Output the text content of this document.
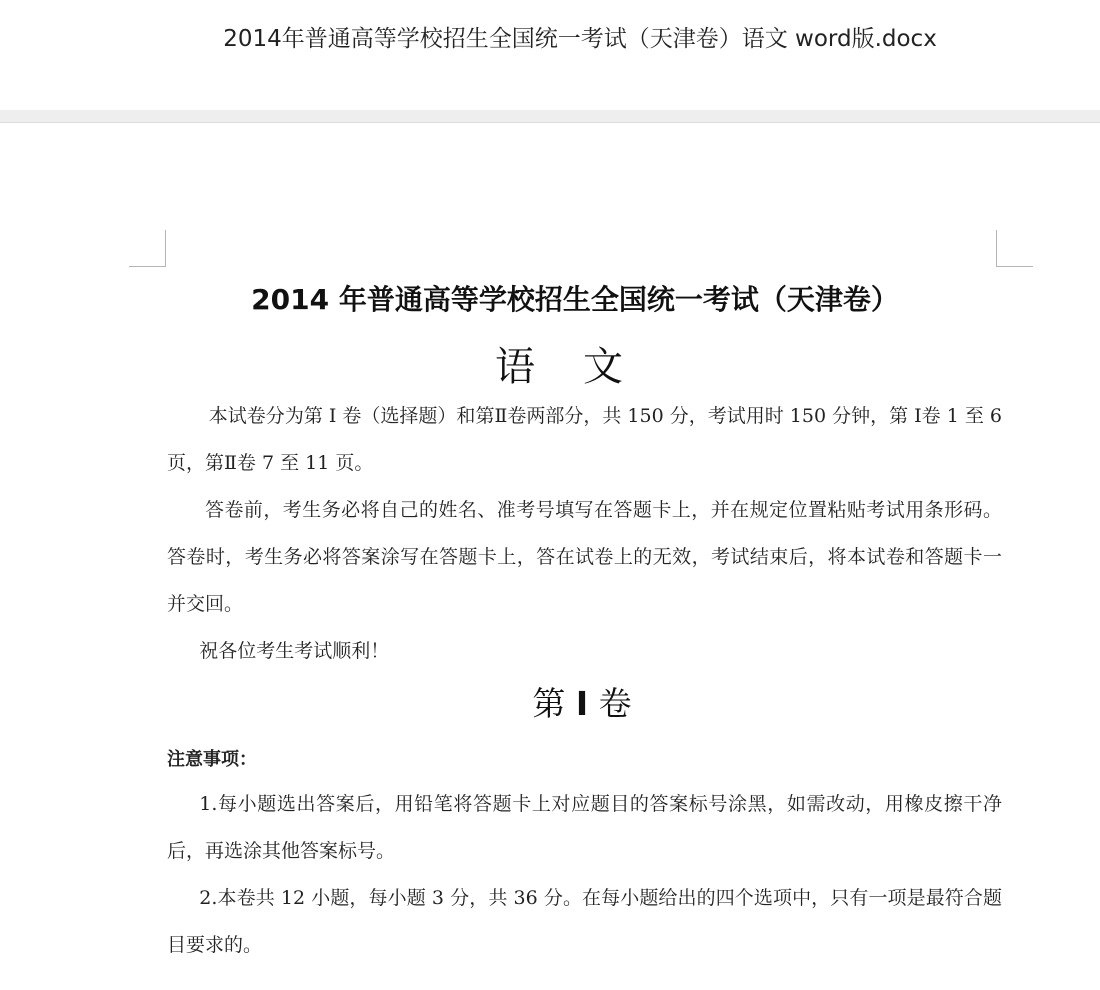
2014年普通高等学校招生全国统一考试（天津卷）语文 word版.docx
2014 年普通高等学校招生全国统一考试（天津卷）
语文

本试卷分为第 I 卷（选择题）和第Ⅱ卷两部分，共 150 分，考试用时 150 分钟，第 Ⅰ卷 1 至 6 页，第Ⅱ卷 7 至 11 页。

答卷前，考生务必将自己的姓名、准考号填写在答题卡上，并在规定位置粘贴考试用条形码。答卷时，考生务必将答案涂写在答题卡上，答在试卷上的无效，考试结束后，将本试卷和答题卡一并交回。

祝各位考生考试顺利！

第 I 卷
注意事项：

1.每小题选出答案后，用铅笔将答题卡上对应题目的答案标号涂黑，如需改动，用橡皮擦干净后，再选涂其他答案标号。

2.本卷共 12 小题，每小题 3 分，共 36 分。在每小题给出的四个选项中，只有一项是最符合题目要求的。
